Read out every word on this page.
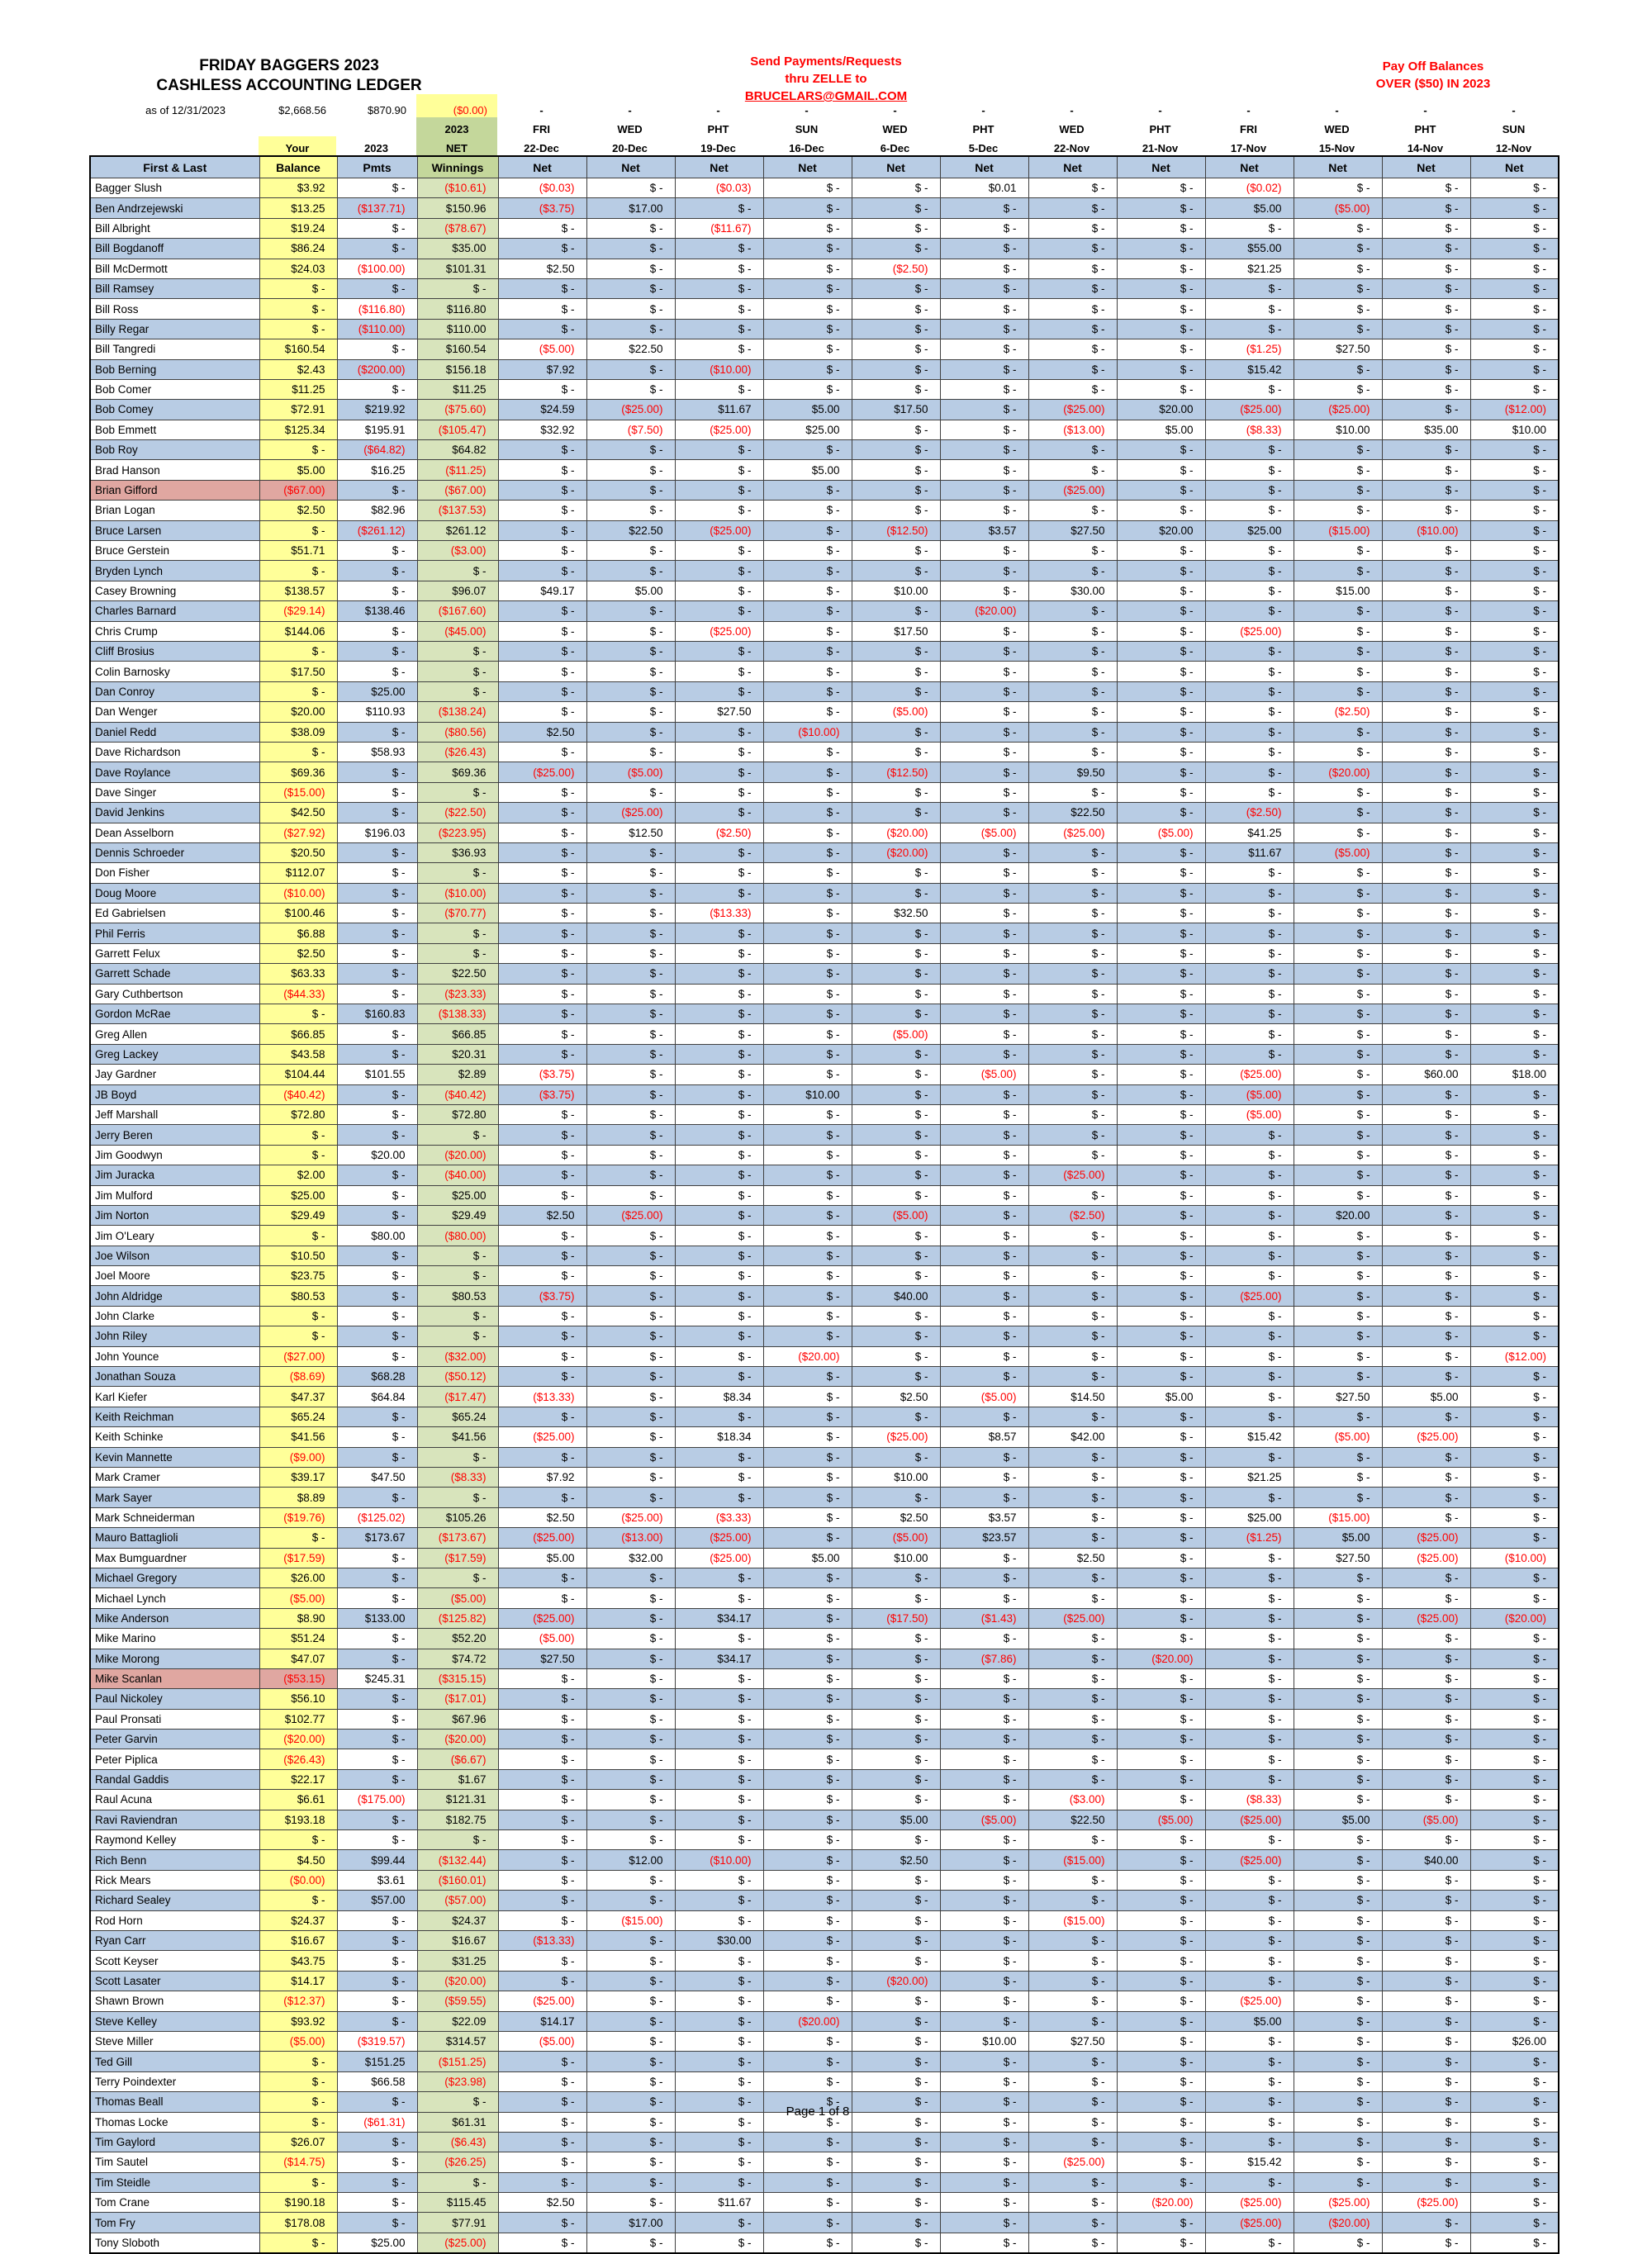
FRIDAY BAGGERS 2023
CASHLESS ACCOUNTING LEDGER
Send Payments/Requests
thru ZELLE to
BRUCELARS@GMAIL.COM
Pay Off Balances
OVER ($50) IN 2023
as of 12/31/2023	$2,668.56	$870.90	($0.00)	-	-	-	-	-	-	-	-	-	-	-	-
			2023	FRI	WED	PHT	SUN	WED	PHT	WED	PHT	FRI	WED	PHT	SUN
	Your	2023	NET	22-Dec	20-Dec	19-Dec	16-Dec	6-Dec	5-Dec	22-Nov	21-Nov	17-Nov	15-Nov	14-Nov	12-Nov
First & Last	Balance	Pmts	Winnings	Net	Net	Net	Net	Net	Net	Net	Net	Net	Net	Net	Net
Bagger Slush	$3.92	$ -	($10.61)	($0.03)	$ -	($0.03)	$ -	$ -	$0.01	$ -	$ -	($0.02)	$ -	$ -	$ -
Ben Andrzejewski	$13.25	($137.71)	$150.96	($3.75)	$17.00	$ -	$ -	$ -	$ -	$ -	$ -	$5.00	($5.00)	$ -	$ -
Bill Albright	$19.24	$ -	($78.67)	$ -	$ -	($11.67)	$ -	$ -	$ -	$ -	$ -	$ -	$ -	$ -	$ -
Bill Bogdanoff	$86.24	$ -	$35.00	$ -	$ -	$ -	$ -	$ -	$ -	$ -	$ -	$55.00	$ -	$ -	$ -
Bill McDermott	$24.03	($100.00)	$101.31	$2.50	$ -	$ -	$ -	($2.50)	$ -	$ -	$ -	$21.25	$ -	$ -	$ -
Bill Ramsey	$ -	$ -	$ -	$ -	$ -	$ -	$ -	$ -	$ -	$ -	$ -	$ -	$ -	$ -	$ -
Bill Ross	$ -	($116.80)	$116.80	$ -	$ -	$ -	$ -	$ -	$ -	$ -	$ -	$ -	$ -	$ -	$ -
Billy Regar	$ -	($110.00)	$110.00	$ -	$ -	$ -	$ -	$ -	$ -	$ -	$ -	$ -	$ -	$ -	$ -
Bill Tangredi	$160.54	$ -	$160.54	($5.00)	$22.50	$ -	$ -	$ -	$ -	$ -	$ -	($1.25)	$27.50	$ -	$ -
Bob Berning	$2.43	($200.00)	$156.18	$7.92	$ -	($10.00)	$ -	$ -	$ -	$ -	$ -	$15.42	$ -	$ -	$ -
Bob Comer	$11.25	$ -	$11.25	$ -	$ -	$ -	$ -	$ -	$ -	$ -	$ -	$ -	$ -	$ -	$ -
Bob Comey	$72.91	$219.92	($75.60)	$24.59	($25.00)	$11.67	$5.00	$17.50	$ -	($25.00)	$20.00	($25.00)	($25.00)	$ -	($12.00)
Bob Emmett	$125.34	$195.91	($105.47)	$32.92	($7.50)	($25.00)	$25.00	$ -	$ -	($13.00)	$5.00	($8.33)	$10.00	$35.00	$10.00
Bob Roy	$ -	($64.82)	$64.82	$ -	$ -	$ -	$ -	$ -	$ -	$ -	$ -	$ -	$ -	$ -	$ -
Brad Hanson	$5.00	$16.25	($11.25)	$ -	$ -	$ -	$5.00	$ -	$ -	$ -	$ -	$ -	$ -	$ -	$ -
Brian Gifford	($67.00)	$ -	($67.00)	$ -	$ -	$ -	$ -	$ -	$ -	($25.00)	$ -	$ -	$ -	$ -	$ -
Brian Logan	$2.50	$82.96	($137.53)	$ -	$ -	$ -	$ -	$ -	$ -	$ -	$ -	$ -	$ -	$ -	$ -
Bruce Larsen	$ -	($261.12)	$261.12	$ -	$22.50	($25.00)	$ -	($12.50)	$3.57	$27.50	$20.00	$25.00	($15.00)	($10.00)	$ -
Bruce Gerstein	$51.71	$ -	($3.00)	$ -	$ -	$ -	$ -	$ -	$ -	$ -	$ -	$ -	$ -	$ -	$ -
Bryden Lynch	$ -	$ -	$ -	$ -	$ -	$ -	$ -	$ -	$ -	$ -	$ -	$ -	$ -	$ -	$ -
Casey Browning	$138.57	$ -	$96.07	$49.17	$5.00	$ -	$ -	$10.00	$ -	$30.00	$ -	$ -	$15.00	$ -	$ -
Charles Barnard	($29.14)	$138.46	($167.60)	$ -	$ -	$ -	$ -	$ -	($20.00)	$ -	$ -	$ -	$ -	$ -	$ -
Chris Crump	$144.06	$ -	($45.00)	$ -	$ -	($25.00)	$ -	$17.50	$ -	$ -	$ -	($25.00)	$ -	$ -	$ -
Cliff Brosius	$ -	$ -	$ -	$ -	$ -	$ -	$ -	$ -	$ -	$ -	$ -	$ -	$ -	$ -	$ -
Colin Barnosky	$17.50	$ -	$ -	$ -	$ -	$ -	$ -	$ -	$ -	$ -	$ -	$ -	$ -	$ -	$ -
Dan Conroy	$ -	$25.00	$ -	$ -	$ -	$ -	$ -	$ -	$ -	$ -	$ -	$ -	$ -	$ -	$ -
Dan Wenger	$20.00	$110.93	($138.24)	$ -	$ -	$27.50	$ -	($5.00)	$ -	$ -	$ -	$ -	($2.50)	$ -	$ -
Daniel Redd	$38.09	$ -	($80.56)	$2.50	$ -	$ -	($10.00)	$ -	$ -	$ -	$ -	$ -	$ -	$ -	$ -
Dave Richardson	$ -	$58.93	($26.43)	$ -	$ -	$ -	$ -	$ -	$ -	$ -	$ -	$ -	$ -	$ -	$ -
Dave Roylance	$69.36	$ -	$69.36	($25.00)	($5.00)	$ -	$ -	($12.50)	$ -	$9.50	$ -	$ -	($20.00)	$ -	$ -
Dave Singer	($15.00)	$ -	$ -	$ -	$ -	$ -	$ -	$ -	$ -	$ -	$ -	$ -	$ -	$ -	$ -
David Jenkins	$42.50	$ -	($22.50)	$ -	($25.00)	$ -	$ -	$ -	$ -	$22.50	$ -	($2.50)	$ -	$ -	$ -
Dean Asselborn	($27.92)	$196.03	($223.95)	$ -	$12.50	($2.50)	$ -	($20.00)	($5.00)	($25.00)	($5.00)	$41.25	$ -	$ -	$ -
Dennis Schroeder	$20.50	$ -	$36.93	$ -	$ -	$ -	$ -	($20.00)	$ -	$ -	$ -	$11.67	($5.00)	$ -	$ -
Don Fisher	$112.07	$ -	$ -	$ -	$ -	$ -	$ -	$ -	$ -	$ -	$ -	$ -	$ -	$ -	$ -
Doug Moore	($10.00)	$ -	($10.00)	$ -	$ -	$ -	$ -	$ -	$ -	$ -	$ -	$ -	$ -	$ -	$ -
Ed Gabrielsen	$100.46	$ -	($70.77)	$ -	$ -	($13.33)	$ -	$32.50	$ -	$ -	$ -	$ -	$ -	$ -	$ -
Phil Ferris	$6.88	$ -	$ -	$ -	$ -	$ -	$ -	$ -	$ -	$ -	$ -	$ -	$ -	$ -	$ -
Garrett Felux	$2.50	$ -	$ -	$ -	$ -	$ -	$ -	$ -	$ -	$ -	$ -	$ -	$ -	$ -	$ -
Garrett Schade	$63.33	$ -	$22.50	$ -	$ -	$ -	$ -	$ -	$ -	$ -	$ -	$ -	$ -	$ -	$ -
Gary Cuthbertson	($44.33)	$ -	($23.33)	$ -	$ -	$ -	$ -	$ -	$ -	$ -	$ -	$ -	$ -	$ -	$ -
Gordon McRae	$ -	$160.83	($138.33)	$ -	$ -	$ -	$ -	$ -	$ -	$ -	$ -	$ -	$ -	$ -	$ -
Greg Allen	$66.85	$ -	$66.85	$ -	$ -	$ -	$ -	($5.00)	$ -	$ -	$ -	$ -	$ -	$ -	$ -
Greg Lackey	$43.58	$ -	$20.31	$ -	$ -	$ -	$ -	$ -	$ -	$ -	$ -	$ -	$ -	$ -	$ -
Jay Gardner	$104.44	$101.55	$2.89	($3.75)	$ -	$ -	$ -	$ -	($5.00)	$ -	$ -	($25.00)	$ -	$60.00	$18.00
JB Boyd	($40.42)	$ -	($40.42)	($3.75)	$ -	$ -	$10.00	$ -	$ -	$ -	$ -	($5.00)	$ -	$ -	$ -
Jeff Marshall	$72.80	$ -	$72.80	$ -	$ -	$ -	$ -	$ -	$ -	$ -	$ -	($5.00)	$ -	$ -	$ -
Jerry Beren	$ -	$ -	$ -	$ -	$ -	$ -	$ -	$ -	$ -	$ -	$ -	$ -	$ -	$ -	$ -
Jim Goodwyn	$ -	$20.00	($20.00)	$ -	$ -	$ -	$ -	$ -	$ -	$ -	$ -	$ -	$ -	$ -	$ -
Jim Juracka	$2.00	$ -	($40.00)	$ -	$ -	$ -	$ -	$ -	$ -	($25.00)	$ -	$ -	$ -	$ -	$ -
Jim Mulford	$25.00	$ -	$25.00	$ -	$ -	$ -	$ -	$ -	$ -	$ -	$ -	$ -	$ -	$ -	$ -
Jim Norton	$29.49	$ -	$29.49	$2.50	($25.00)	$ -	$ -	($5.00)	$ -	($2.50)	$ -	$ -	$20.00	$ -	$ -
Jim O'Leary	$ -	$80.00	($80.00)	$ -	$ -	$ -	$ -	$ -	$ -	$ -	$ -	$ -	$ -	$ -	$ -
Joe Wilson	$10.50	$ -	$ -	$ -	$ -	$ -	$ -	$ -	$ -	$ -	$ -	$ -	$ -	$ -	$ -
Joel Moore	$23.75	$ -	$ -	$ -	$ -	$ -	$ -	$ -	$ -	$ -	$ -	$ -	$ -	$ -	$ -
John Aldridge	$80.53	$ -	$80.53	($3.75)	$ -	$ -	$ -	$40.00	$ -	$ -	$ -	($25.00)	$ -	$ -	$ -
John Clarke	$ -	$ -	$ -	$ -	$ -	$ -	$ -	$ -	$ -	$ -	$ -	$ -	$ -	$ -	$ -
John Riley	$ -	$ -	$ -	$ -	$ -	$ -	$ -	$ -	$ -	$ -	$ -	$ -	$ -	$ -	$ -
John Younce	($27.00)	$ -	($32.00)	$ -	$ -	$ -	($20.00)	$ -	$ -	$ -	$ -	$ -	$ -	$ -	($12.00)
Jonathan Souza	($8.69)	$68.28	($50.12)	$ -	$ -	$ -	$ -	$ -	$ -	$ -	$ -	$ -	$ -	$ -	$ -
Karl Kiefer	$47.37	$64.84	($17.47)	($13.33)	$ -	$8.34	$ -	$2.50	($5.00)	$14.50	$5.00	$ -	$27.50	$5.00	$ -
Keith Reichman	$65.24	$ -	$65.24	$ -	$ -	$ -	$ -	$ -	$ -	$ -	$ -	$ -	$ -	$ -	$ -
Keith Schinke	$41.56	$ -	$41.56	($25.00)	$ -	$18.34	$ -	($25.00)	$8.57	$42.00	$ -	$15.42	($5.00)	($25.00)	$ -
Kevin Mannette	($9.00)	$ -	$ -	$ -	$ -	$ -	$ -	$ -	$ -	$ -	$ -	$ -	$ -	$ -	$ -
Mark Cramer	$39.17	$47.50	($8.33)	$7.92	$ -	$ -	$ -	$10.00	$ -	$ -	$ -	$21.25	$ -	$ -	$ -
Mark Sayer	$8.89	$ -	$ -	$ -	$ -	$ -	$ -	$ -	$ -	$ -	$ -	$ -	$ -	$ -	$ -
Mark Schneiderman	($19.76)	($125.02)	$105.26	$2.50	($25.00)	($3.33)	$ -	$2.50	$3.57	$ -	$ -	$25.00	($15.00)	$ -	$ -
Mauro Battaglioli	$ -	$173.67	($173.67)	($25.00)	($13.00)	($25.00)	$ -	($5.00)	$23.57	$ -	$ -	($1.25)	$5.00	($25.00)	$ -
Max Bumguardner	($17.59)	$ -	($17.59)	$5.00	$32.00	($25.00)	$5.00	$10.00	$ -	$2.50	$ -	$ -	$27.50	($25.00)	($10.00)
Michael Gregory	$26.00	$ -	$ -	$ -	$ -	$ -	$ -	$ -	$ -	$ -	$ -	$ -	$ -	$ -	$ -
Michael Lynch	($5.00)	$ -	($5.00)	$ -	$ -	$ -	$ -	$ -	$ -	$ -	$ -	$ -	$ -	$ -	$ -
Mike Anderson	$8.90	$133.00	($125.82)	($25.00)	$ -	$34.17	$ -	($17.50)	($1.43)	($25.00)	$ -	$ -	$ -	($25.00)	($20.00)
Mike Marino	$51.24	$ -	$52.20	($5.00)	$ -	$ -	$ -	$ -	$ -	$ -	$ -	$ -	$ -	$ -	$ -
Mike Morong	$47.07	$ -	$74.72	$27.50	$ -	$34.17	$ -	$ -	($7.86)	$ -	($20.00)	$ -	$ -	$ -	$ -
Mike Scanlan	($53.15)	$245.31	($315.15)	$ -	$ -	$ -	$ -	$ -	$ -	$ -	$ -	$ -	$ -	$ -	$ -
Paul Nickoley	$56.10	$ -	($17.01)	$ -	$ -	$ -	$ -	$ -	$ -	$ -	$ -	$ -	$ -	$ -	$ -
Paul Pronsati	$102.77	$ -	$67.96	$ -	$ -	$ -	$ -	$ -	$ -	$ -	$ -	$ -	$ -	$ -	$ -
Peter Garvin	($20.00)	$ -	($20.00)	$ -	$ -	$ -	$ -	$ -	$ -	$ -	$ -	$ -	$ -	$ -	$ -
Peter Piplica	($26.43)	$ -	($6.67)	$ -	$ -	$ -	$ -	$ -	$ -	$ -	$ -	$ -	$ -	$ -	$ -
Randal Gaddis	$22.17	$ -	$1.67	$ -	$ -	$ -	$ -	$ -	$ -	$ -	$ -	$ -	$ -	$ -	$ -
Raul Acuna	$6.61	($175.00)	$121.31	$ -	$ -	$ -	$ -	$ -	$ -	($3.00)	$ -	($8.33)	$ -	$ -	$ -
Ravi Raviendran	$193.18	$ -	$182.75	$ -	$ -	$ -	$ -	$5.00	($5.00)	$22.50	($5.00)	($25.00)	$5.00	($5.00)	$ -
Raymond Kelley	$ -	$ -	$ -	$ -	$ -	$ -	$ -	$ -	$ -	$ -	$ -	$ -	$ -	$ -	$ -
Rich Benn	$4.50	$99.44	($132.44)	$ -	$12.00	($10.00)	$ -	$2.50	$ -	($15.00)	$ -	($25.00)	$ -	$40.00	$ -
Rick Mears	($0.00)	$3.61	($160.01)	$ -	$ -	$ -	$ -	$ -	$ -	$ -	$ -	$ -	$ -	$ -	$ -
Richard Sealey	$ -	$57.00	($57.00)	$ -	$ -	$ -	$ -	$ -	$ -	$ -	$ -	$ -	$ -	$ -	$ -
Rod Horn	$24.37	$ -	$24.37	$ -	($15.00)	$ -	$ -	$ -	$ -	($15.00)	$ -	$ -	$ -	$ -	$ -
Ryan Carr	$16.67	$ -	$16.67	($13.33)	$ -	$30.00	$ -	$ -	$ -	$ -	$ -	$ -	$ -	$ -	$ -
Scott Keyser	$43.75	$ -	$31.25	$ -	$ -	$ -	$ -	$ -	$ -	$ -	$ -	$ -	$ -	$ -	$ -
Scott Lasater	$14.17	$ -	($20.00)	$ -	$ -	$ -	$ -	($20.00)	$ -	$ -	$ -	$ -	$ -	$ -	$ -
Shawn Brown	($12.37)	$ -	($59.55)	($25.00)	$ -	$ -	$ -	$ -	$ -	$ -	$ -	($25.00)	$ -	$ -	$ -
Steve Kelley	$93.92	$ -	$22.09	$14.17	$ -	$ -	($20.00)	$ -	$ -	$ -	$ -	$5.00	$ -	$ -	$ -
Steve Miller	($5.00)	($319.57)	$314.57	($5.00)	$ -	$ -	$ -	$ -	$10.00	$27.50	$ -	$ -	$ -	$ -	$26.00
Ted Gill	$ -	$151.25	($151.25)	$ -	$ -	$ -	$ -	$ -	$ -	$ -	$ -	$ -	$ -	$ -	$ -
Terry Poindexter	$ -	$66.58	($23.98)	$ -	$ -	$ -	$ -	$ -	$ -	$ -	$ -	$ -	$ -	$ -	$ -
Thomas Beall	$ -	$ -	$ -	$ -	$ -	$ -	$ -	$ -	$ -	$ -	$ -	$ -	$ -	$ -	$ -
Thomas Locke	$ -	($61.31)	$61.31	$ -	$ -	$ -	$ -	$ -	$ -	$ -	$ -	$ -	$ -	$ -	$ -
Tim Gaylord	$26.07	$ -	($6.43)	$ -	$ -	$ -	$ -	$ -	$ -	$ -	$ -	$ -	$ -	$ -	$ -
Tim Sautel	($14.75)	$ -	($26.25)	$ -	$ -	$ -	$ -	$ -	$ -	($25.00)	$ -	$15.42	$ -	$ -	$ -
Tim Steidle	$ -	$ -	$ -	$ -	$ -	$ -	$ -	$ -	$ -	$ -	$ -	$ -	$ -	$ -	$ -
Tom Crane	$190.18	$ -	$115.45	$2.50	$ -	$11.67	$ -	$ -	$ -	$ -	($20.00)	($25.00)	($25.00)	($25.00)	$ -
Tom Fry	$178.08	$ -	$77.91	$ -	$17.00	$ -	$ -	$ -	$ -	$ -	$ -	($25.00)	($20.00)	$ -	$ -
Tony Sloboth	$ -	$25.00	($25.00)	$ -	$ -	$ -	$ -	$ -	$ -	$ -	$ -	$ -	$ -	$ -	$ -
Page 1 of 8
